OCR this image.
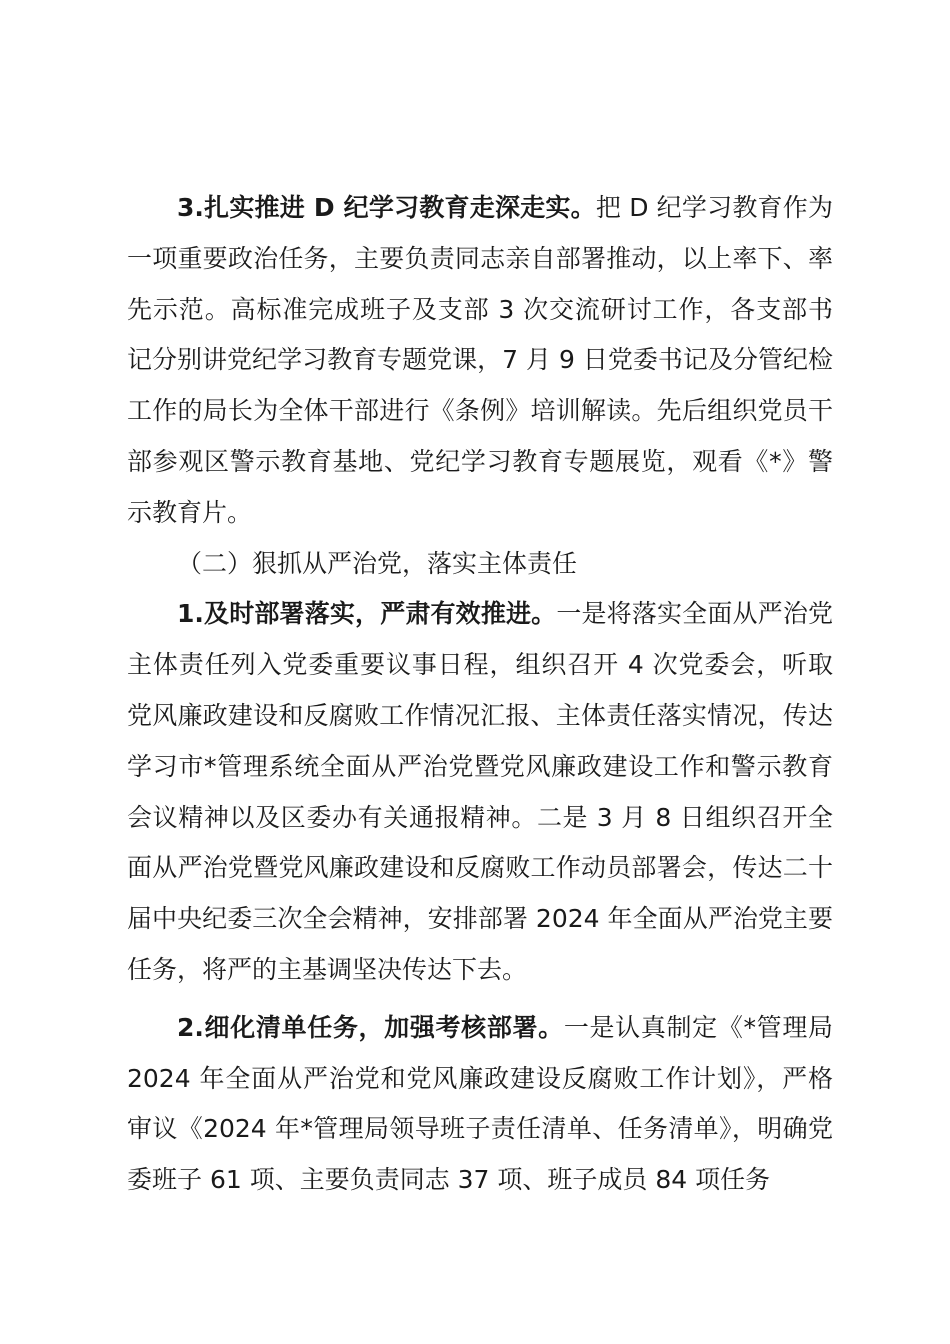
3.扎实推进 D 纪学习教育走深走实。把 D 纪学习教育作为一项重要政治任务，主要负责同志亲自部署推动，以上率下、率先示范。高标准完成班子及支部 3 次交流研讨工作，各支部书记分别讲党纪学习教育专题党课，7 月 9 日党委书记及分管纪检工作的局长为全体干部进行《条例》培训解读。先后组织党员干部参观区警示教育基地、党纪学习教育专题展览，观看《*》警示教育片。

（二）狠抓从严治党，落实主体责任

1.及时部署落实，严肃有效推进。一是将落实全面从严治党主体责任列入党委重要议事日程，组织召开 4 次党委会，听取党风廉政建设和反腐败工作情况汇报、主体责任落实情况，传达学习市*管理系统全面从严治党暨党风廉政建设工作和警示教育会议精神以及区委办有关通报精神。二是 3 月 8 日组织召开全面从严治党暨党风廉政建设和反腐败工作动员部署会，传达二十届中央纪委三次全会精神，安排部署 2024 年全面从严治党主要任务，将严的主基调坚决传达下去。

2.细化清单任务，加强考核部署。一是认真制定《*管理局 2024 年全面从严治党和党风廉政建设反腐败工作计划》，严格审议《2024 年*管理局领导班子责任清单、任务清单》，明确党委班子 61 项、主要负责同志 37 项、班子成员 84 项任务
